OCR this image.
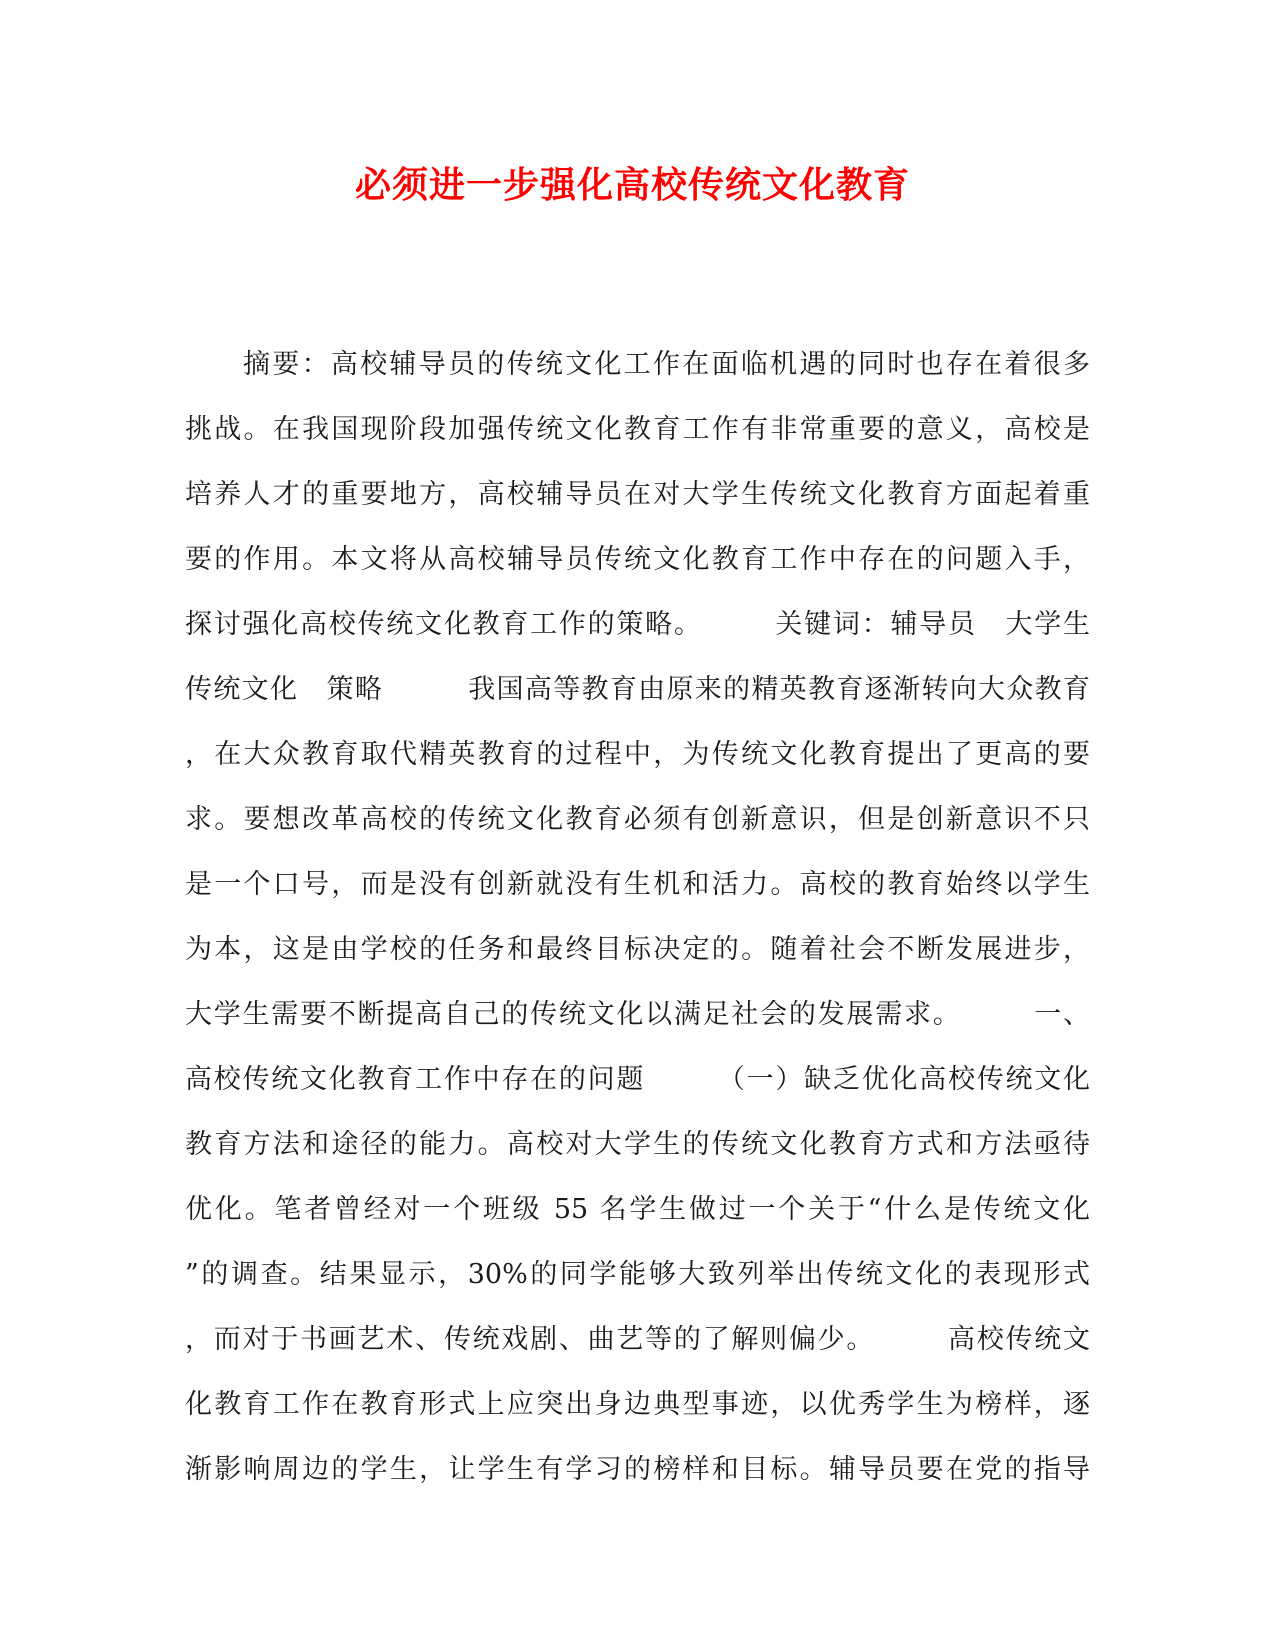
必须进一步强化高校传统文化教育
摘要：高校辅导员的传统文化工作在面临机遇的同时也存在着很多
挑战。在我国现阶段加强传统文化教育工作有非常重要的意义，高校是
培养人才的重要地方，高校辅导员在对大学生传统文化教育方面起着重
要的作用。本文将从高校辅导员传统文化教育工作中存在的问题入手，
探讨强化高校传统文化教育工作的策略。　　　关键词：辅导员　大学生
传统文化　策略　　　我国高等教育由原来的精英教育逐渐转向大众教育
，在大众教育取代精英教育的过程中，为传统文化教育提出了更高的要
求。要想改革高校的传统文化教育必须有创新意识，但是创新意识不只
是一个口号，而是没有创新就没有生机和活力。高校的教育始终以学生
为本，这是由学校的任务和最终目标决定的。随着社会不断发展进步，
大学生需要不断提高自己的传统文化以满足社会的发展需求。　　　一、
高校传统文化教育工作中存在的问题　　　（一）缺乏优化高校传统文化
教育方法和途径的能力。高校对大学生的传统文化教育方式和方法亟待
优化。笔者曾经对一个班级 55 名学生做过一个关于“什么是传统文化
”的调查。结果显示，30%的同学能够大致列举出传统文化的表现形式
，而对于书画艺术、传统戏剧、曲艺等的了解则偏少。　　　高校传统文
化教育工作在教育形式上应突出身边典型事迹，以优秀学生为榜样，逐
渐影响周边的学生，让学生有学习的榜样和目标。辅导员要在党的指导
